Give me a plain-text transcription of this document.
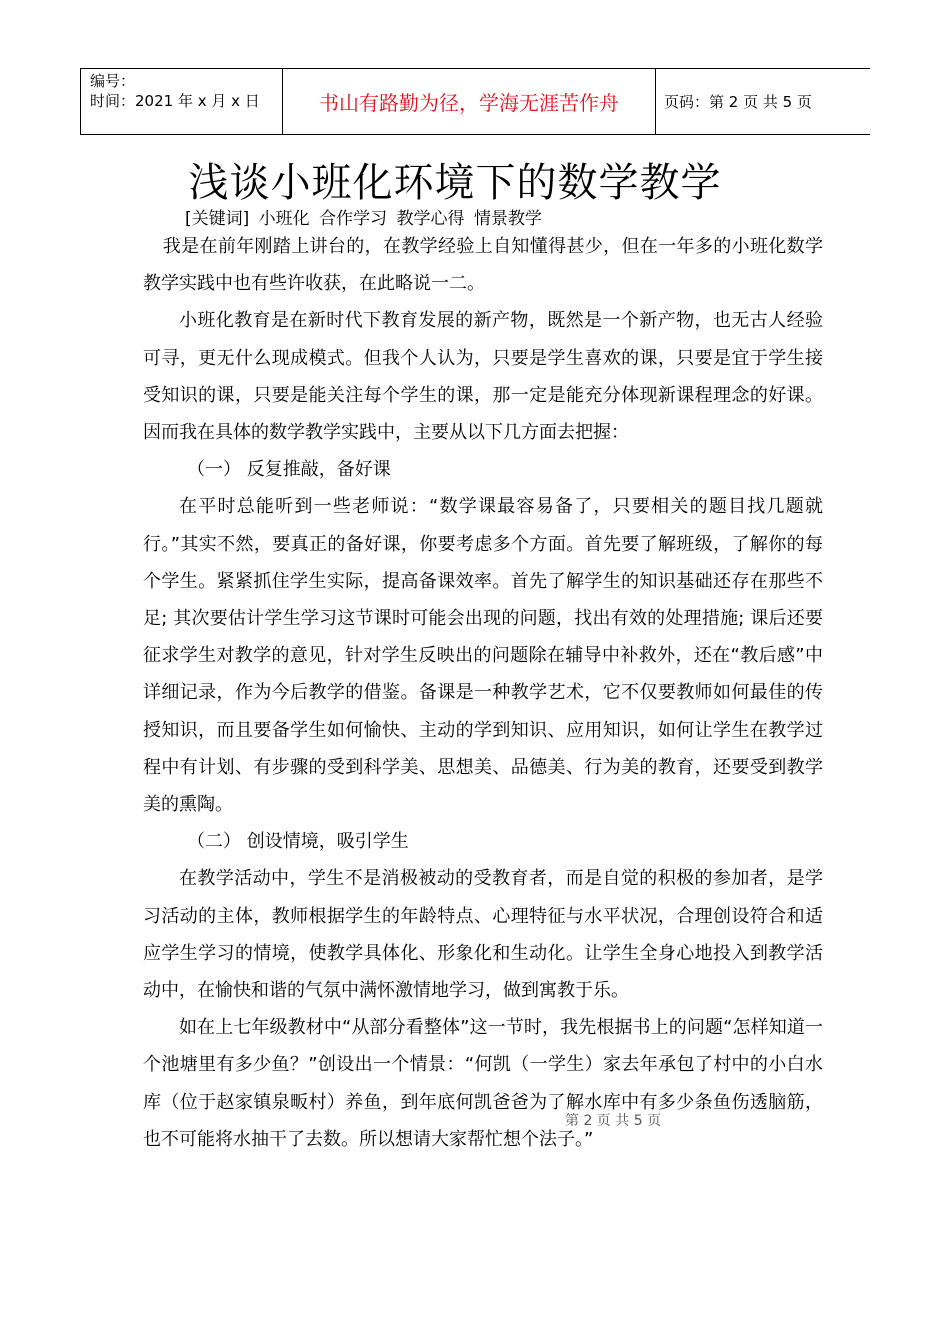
编号：
时间：2021 年 x 月 x 日	书山有路勤为径，学海无涯苦作舟	页码：第 2 页 共 5 页
浅谈小班化环境下的数学教学
[关键词] 小班化 合作学习 教学心得 情景教学

我是在前年刚踏上讲台的，在教学经验上自知懂得甚少，但在一年多的小班化数学教学实践中也有些许收获，在此略说一二。

小班化教育是在新时代下教育发展的新产物，既然是一个新产物，也无古人经验可寻，更无什么现成模式。但我个人认为，只要是学生喜欢的课，只要是宜于学生接受知识的课，只要是能关注每个学生的课，那一定是能充分体现新课程理念的好课。因而我在具体的数学教学实践中，主要从以下几方面去把握：

（一） 反复推敲，备好课

在平时总能听到一些老师说：“数学课最容易备了，只要相关的题目找几题就行。”其实不然，要真正的备好课，你要考虑多个方面。首先要了解班级，了解你的每个学生。紧紧抓住学生实际，提高备课效率。首先了解学生的知识基础还存在那些不足; 其次要估计学生学习这节课时可能会出现的问题，找出有效的处理措施; 课后还要征求学生对教学的意见，针对学生反映出的问题除在辅导中补救外，还在“教后感”中详细记录，作为今后教学的借鉴。备课是一种教学艺术，它不仅要教师如何最佳的传授知识，而且要备学生如何愉快、主动的学到知识、应用知识，如何让学生在教学过程中有计划、有步骤的受到科学美、思想美、品德美、行为美的教育，还要受到教学美的熏陶。

（二） 创设情境，吸引学生

在教学活动中，学生不是消极被动的受教育者，而是自觉的积极的参加者，是学习活动的主体，教师根据学生的年龄特点、心理特征与水平状况，合理创设符合和适应学生学习的情境，使教学具体化、形象化和生动化。让学生全身心地投入到教学活动中，在愉快和谐的气氛中满怀激情地学习，做到寓教于乐。

如在上七年级教材中“从部分看整体”这一节时，我先根据书上的问题“怎样知道一个池塘里有多少鱼？”创设出一个情景：“何凯（一学生）家去年承包了村中的小白水库（位于赵家镇泉畈村）养鱼，到年底何凯爸爸为了解水库中有多少条鱼伤透脑筋，也不可能将水抽干了去数。所以想请大家帮忙想个法子。”

第 2 页 共 5 页
